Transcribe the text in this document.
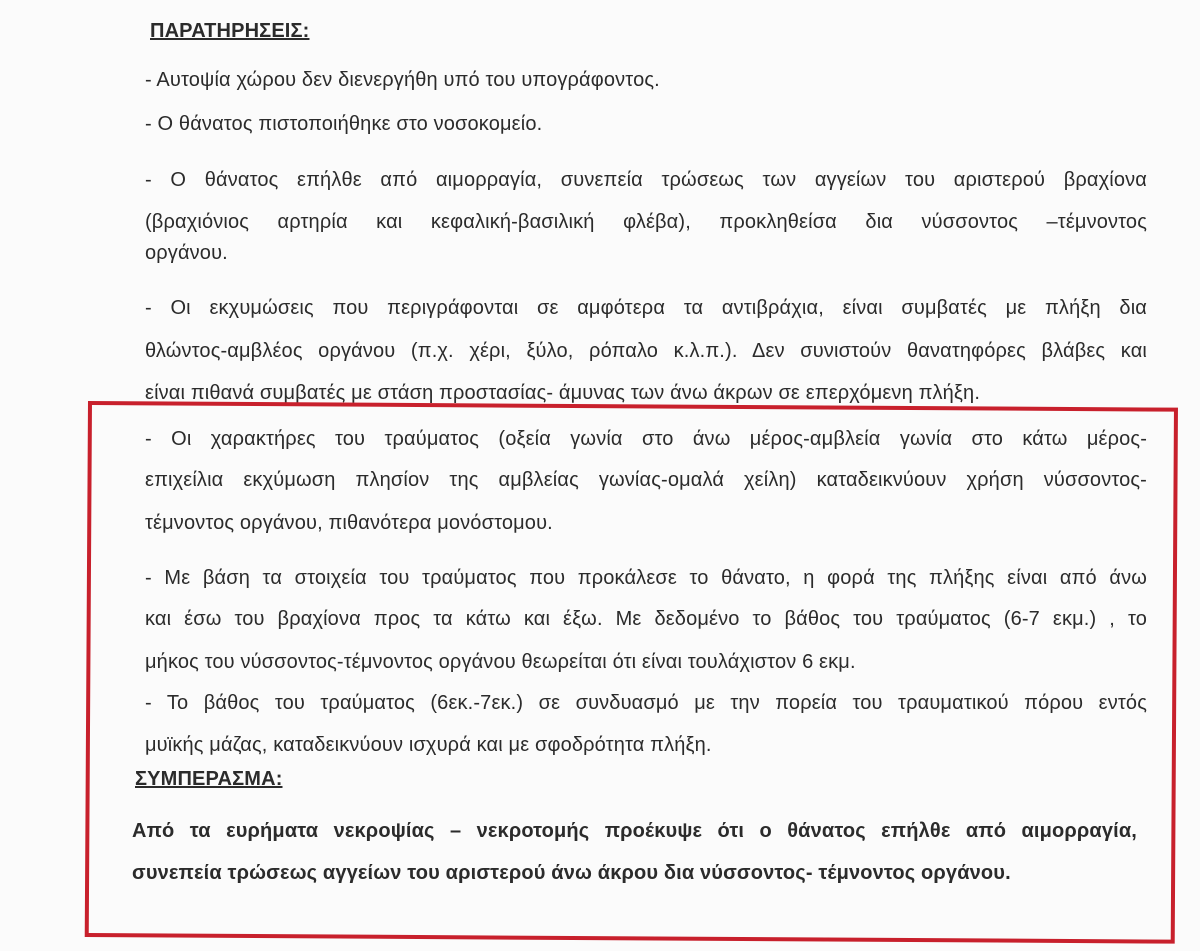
ΠΑΡΑΤΗΡΗΣΕΙΣ:
- Αυτοψία χώρου δεν διενεργήθη υπό του υπογράφοντος.
- Ο θάνατος πιστοποιήθηκε στο νοσοκομείο.
- Ο θάνατος επήλθε από αιμορραγία, συνεπεία τρώσεως των αγγείων του αριστερού βραχίονα
(βραχιόνιος αρτηρία και κεφαλική-βασιλική φλέβα), προκληθείσα δια νύσσοντος –τέμνοντος
οργάνου.
- Οι εκχυμώσεις που περιγράφονται σε αμφότερα τα αντιβράχια, είναι συμβατές με πλήξη δια
θλώντος-αμβλέος οργάνου (π.χ. χέρι, ξύλο, ρόπαλο κ.λ.π.). Δεν συνιστούν θανατηφόρες βλάβες και
είναι πιθανά συμβατές με στάση προστασίας- άμυνας των άνω άκρων σε επερχόμενη πλήξη.
- Οι χαρακτήρες του τραύματος (οξεία γωνία στο άνω μέρος-αμβλεία γωνία στο κάτω μέρος-
επιχείλια εκχύμωση πλησίον της αμβλείας γωνίας-ομαλά χείλη) καταδεικνύουν χρήση νύσσοντος-
τέμνοντος οργάνου, πιθανότερα μονόστομου.
- Με βάση τα στοιχεία του τραύματος που προκάλεσε το θάνατο, η φορά της πλήξης είναι από άνω
και έσω του βραχίονα προς τα κάτω και έξω. Με δεδομένο το βάθος του τραύματος (6-7 εκμ.) , το
μήκος του νύσσοντος-τέμνοντος οργάνου θεωρείται ότι είναι τουλάχιστον 6 εκμ.
- Το βάθος του τραύματος (6εκ.-7εκ.) σε συνδυασμό με την πορεία του τραυματικού πόρου εντός
μυϊκής μάζας, καταδεικνύουν ισχυρά και με σφοδρότητα πλήξη.
ΣΥΜΠΕΡΑΣΜΑ:
Από τα ευρήματα νεκροψίας – νεκροτομής προέκυψε ότι ο θάνατος επήλθε από αιμορραγία,
συνεπεία τρώσεως αγγείων του αριστερού άνω άκρου δια νύσσοντος- τέμνοντος οργάνου.
